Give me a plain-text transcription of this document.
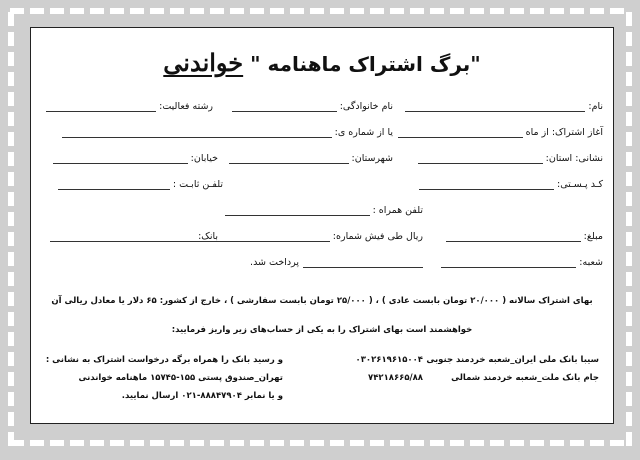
"برگ اشتراک ماهنامه " خواندنی
نام:
نام خانوادگی:
رشته فعالیت:
آغاز اشتراک: از ماه
یا از شماره ی:
نشانی: استان:
شهرستان:
خیابان:
کـد پـسـتی:
تلفـن ثابـت :
تلفن همراه :
مبلغ:
ریال طی فیش شماره:
بانک:
شعبه:
پرداخت شد.
بهای اشتراک سالانه ( ۲۰/۰۰۰ تومان بابست عادی ) ، ( ۲۵/۰۰۰ تومان بابست سفارشی ) ، خارج از کشور: ۶۵ دلار یا معادل ریالی آن
خواهشمند است بهای اشتراک را به یکی از حساب‌های زیر واریز فرمایید:
سیبا بانک ملی ایران_شعبه خردمند جنوبی
۰۳۰۲۶۱۹۶۱۵۰۰۴
جام بانک ملت_شعبه خردمند شمالی
۷۴۲۱۸۶۶۵/۸۸
و رسید بانک را همراه برگه درخواست اشتراک به نشانی :
تهران_صندوق پستی ۱۵۵-۱۵۷۴۵ ماهنامه خواندنی
و یا نمابر ۸۸۸۴۷۹۰۴-۰۲۱ ارسال نمایید.
